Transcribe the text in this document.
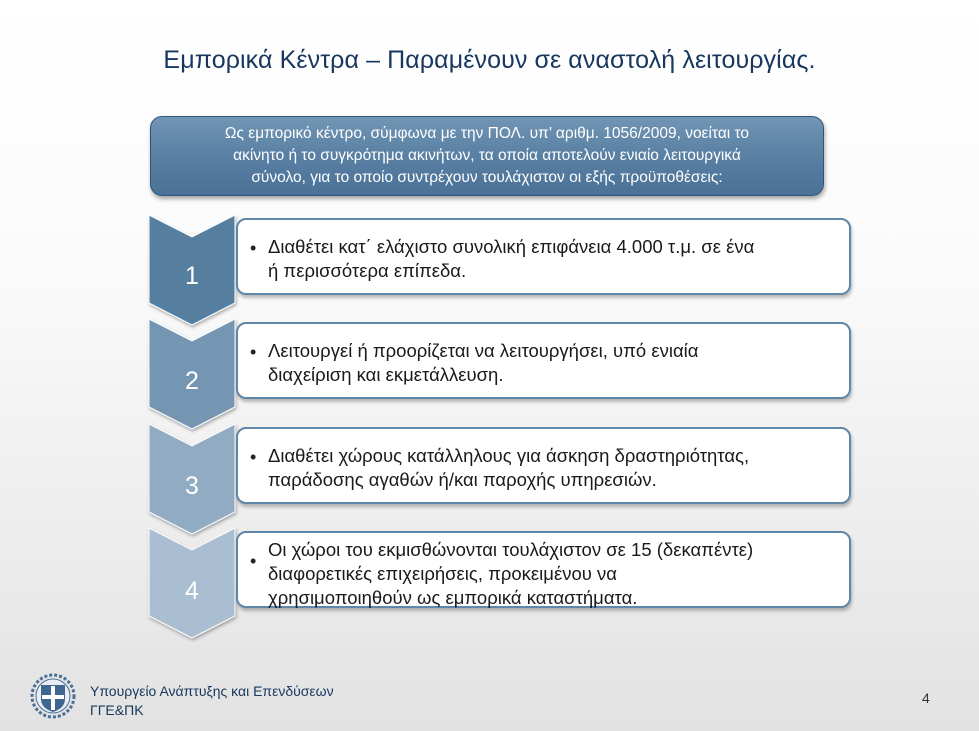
Εμπορικά Κέντρα – Παραμένουν σε αναστολή λειτουργίας.
Ως εμπορικό κέντρο, σύμφωνα με την ΠΟΛ. υπ’ αριθμ. 1056/2009, νοείται το
ακίνητο ή το συγκρότημα ακινήτων, τα οποία αποτελούν ενιαίο λειτουργικά
σύνολο, για το οποίο συντρέχουν τουλάχιστον οι εξής προϋποθέσεις:
1
2
3
4
• Διαθέτει κατ΄ ελάχιστο συνολική επιφάνεια 4.000 τ.μ. σε ένα
ή περισσότερα επίπεδα.
• Λειτουργεί ή προορίζεται να λειτουργήσει, υπό ενιαία
διαχείριση και εκμετάλλευση.
• Διαθέτει χώρους κατάλληλους για άσκηση δραστηριότητας,
παράδοσης αγαθών ή/και παροχής υπηρεσιών.
•
Οι χώροι του εκμισθώνονται τουλάχιστον σε 15 (δεκαπέντε)
διαφορετικές επιχειρήσεις, προκειμένου να
χρησιμοποιηθούν ως εμπορικά καταστήματα.
Υπουργείο Ανάπτυξης και Επενδύσεων
ΓΓΕ&ΠΚ
4
